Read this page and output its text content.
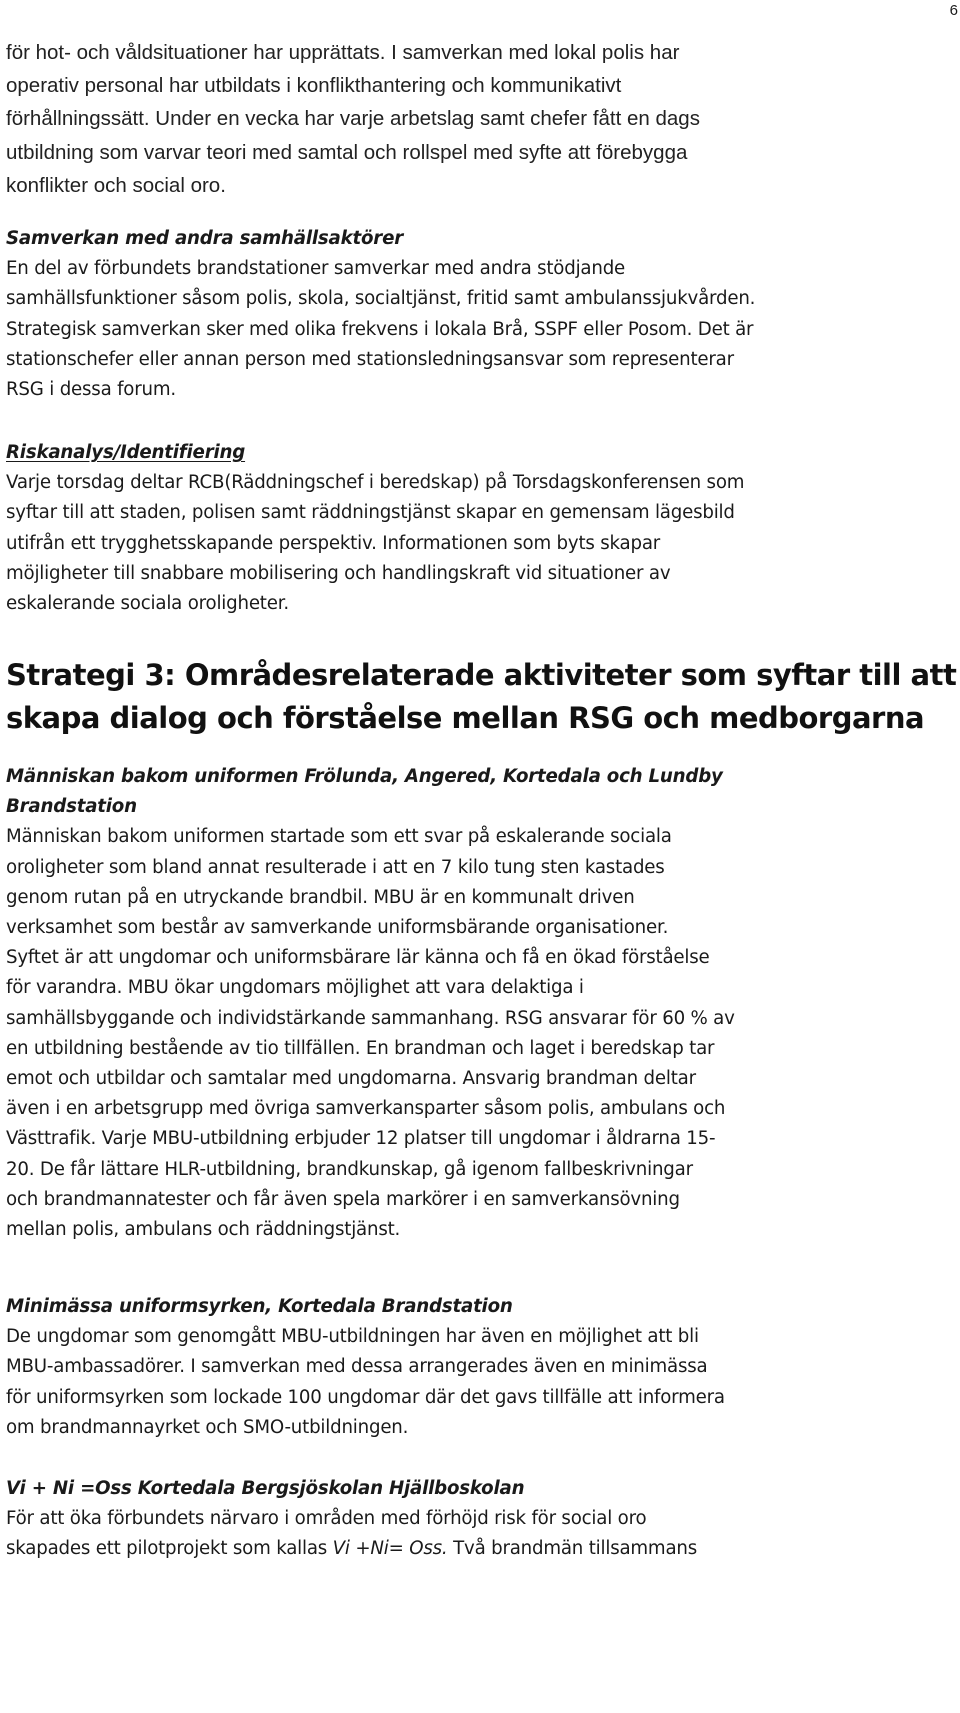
6
för hot- och våldsituationer har upprättats. I samverkan med lokal polis har
operativ personal har utbildats i konflikthantering och kommunikativt
förhållningssätt. Under en vecka har varje arbetslag samt chefer fått en dags
utbildning som varvar teori med samtal och rollspel med syfte att förebygga
konflikter och social oro.
Samverkan med andra samhällsaktörer
En del av förbundets brandstationer samverkar med andra stödjande
samhällsfunktioner såsom polis, skola, socialtjänst, fritid samt ambulanssjukvården.
Strategisk samverkan sker med olika frekvens i lokala Brå, SSPF eller Posom. Det är
stationschefer eller annan person med stationsledningsansvar som representerar
RSG i dessa forum.
Riskanalys/Identifiering
Varje torsdag deltar RCB(Räddningschef i beredskap) på Torsdagskonferensen som
syftar till att staden, polisen samt räddningstjänst skapar en gemensam lägesbild
utifrån ett trygghetsskapande perspektiv. Informationen som byts skapar
möjligheter till snabbare mobilisering och handlingskraft vid situationer av
eskalerande sociala oroligheter.
Strategi 3: Områdesrelaterade aktiviteter som syftar till att
skapa dialog och förståelse mellan RSG och medborgarna
Människan bakom uniformen Frölunda, Angered, Kortedala och Lundby
Brandstation
Människan bakom uniformen startade som ett svar på eskalerande sociala
oroligheter som bland annat resulterade i att en 7 kilo tung sten kastades
genom rutan på en utryckande brandbil. MBU är en kommunalt driven
verksamhet som består av samverkande uniformsbärande organisationer.
Syftet är att ungdomar och uniformsbärare lär känna och få en ökad förståelse
för varandra. MBU ökar ungdomars möjlighet att vara delaktiga i
samhällsbyggande och individstärkande sammanhang. RSG ansvarar för 60 % av
en utbildning bestående av tio tillfällen. En brandman och laget i beredskap tar
emot och utbildar och samtalar med ungdomarna. Ansvarig brandman deltar
även i en arbetsgrupp med övriga samverkansparter såsom polis, ambulans och
Västtrafik. Varje MBU-utbildning erbjuder 12 platser till ungdomar i åldrarna 15-
20. De får lättare HLR-utbildning, brandkunskap, gå igenom fallbeskrivningar
och brandmannatester och får även spela markörer i en samverkansövning
mellan polis, ambulans och räddningstjänst.
Minimässa uniformsyrken, Kortedala Brandstation
De ungdomar som genomgått MBU-utbildningen har även en möjlighet att bli
MBU-ambassadörer. I samverkan med dessa arrangerades även en minimässa
för uniformsyrken som lockade 100 ungdomar där det gavs tillfälle att informera
om brandmannayrket och SMO-utbildningen.
Vi + Ni =Oss Kortedala Bergsjöskolan Hjällboskolan
För att öka förbundets närvaro i områden med förhöjd risk för social oro
skapades ett pilotprojekt som kallas Vi +Ni= Oss. Två brandmän tillsammans
